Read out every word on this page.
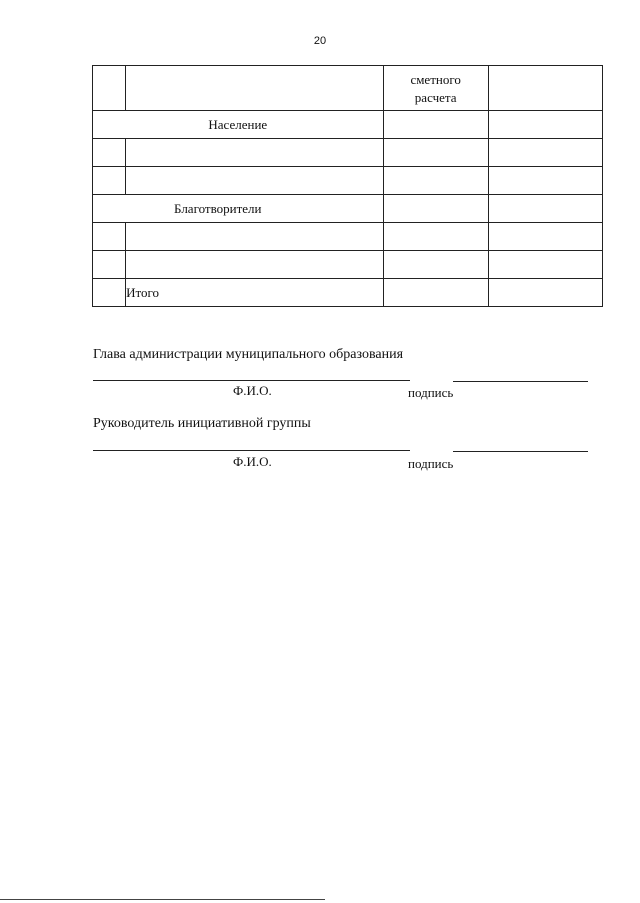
20

		сметного расчета	

Население			

Благотворители			

	Итого		
Глава администрации муниципального образования
Ф.И.О.	подпись
Руководитель инициативной группы
Ф.И.О.	подпись
